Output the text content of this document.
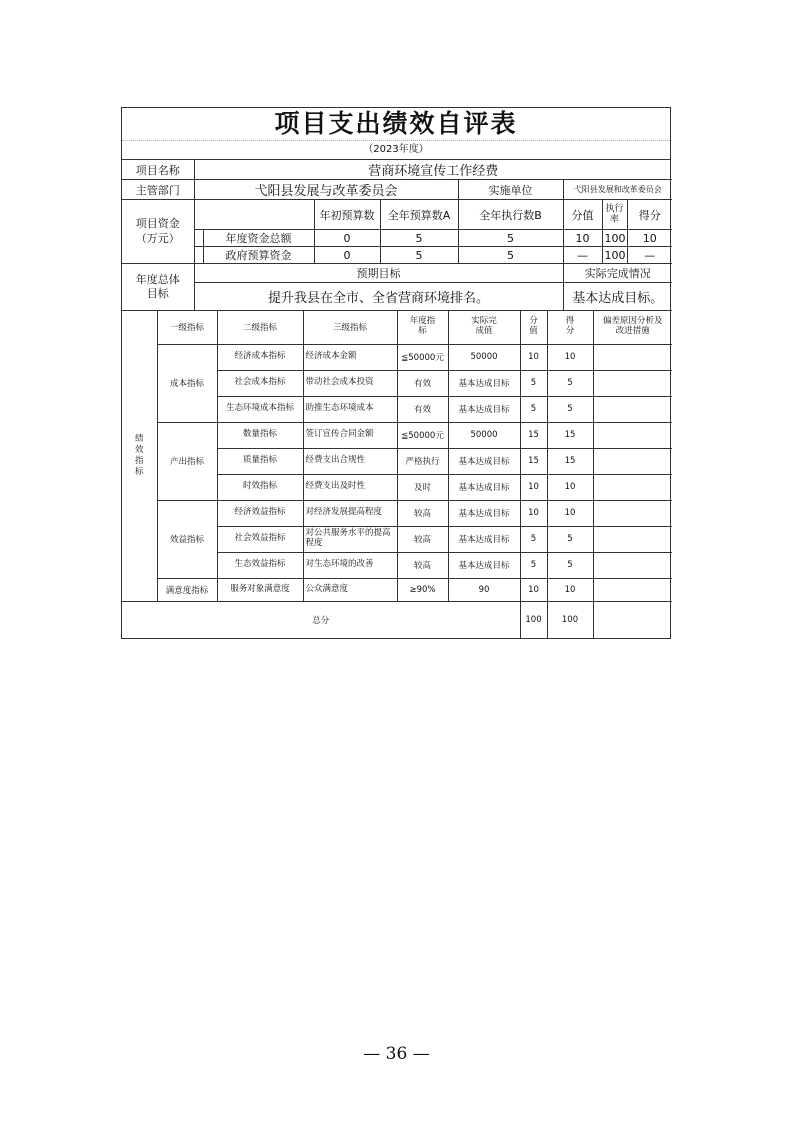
项目支出绩效自评表
（2023年度）
项目名称	营商环境宣传工作经费							
主管部门	弋阳县发展与改革委员会				实施单位	弋阳县发展和改革委员会		
项目资金
（万元）			年初预算数	全年预算数A	全年执行数B	分值	执行率	得分
		年度资金总额	0	5	5	10	100	10
		政府预算资金	0	5	5	—	100	—
年度总体目标	预期目标					实际完成情况		
	提升我县在全市、全省营商环境排名。					基本达成目标。		
绩效指标	一级指标	二级指标	三级指标	年度指标	实际完成值	分值	得分	偏差原因分析及改进措施
	成本指标	经济成本指标	经济成本金额	≦50000元	50000	10	10	
		社会成本指标	带动社会成本投资	有效	基本达成目标	5	5	
		生态环境成本指标	助推生态环境成本	有效	基本达成目标	5	5	
	产出指标	数量指标	签订宣传合同金额	≦50000元	50000	15	15	
		质量指标	经费支出合规性	严格执行	基本达成目标	15	15	
		时效指标	经费支出及时性	及时	基本达成目标	10	10	
	效益指标	经济效益指标	对经济发展提高程度	较高	基本达成目标	10	10	
		社会效益指标	对公共服务水平的提高程度	较高	基本达成目标	5	5	
		生态效益指标	对生态环境的改善	较高	基本达成目标	5	5	
	满意度指标	服务对象满意度	公众满意度	≥90%	90	10	10	
总分						100	100	
— 36 —
